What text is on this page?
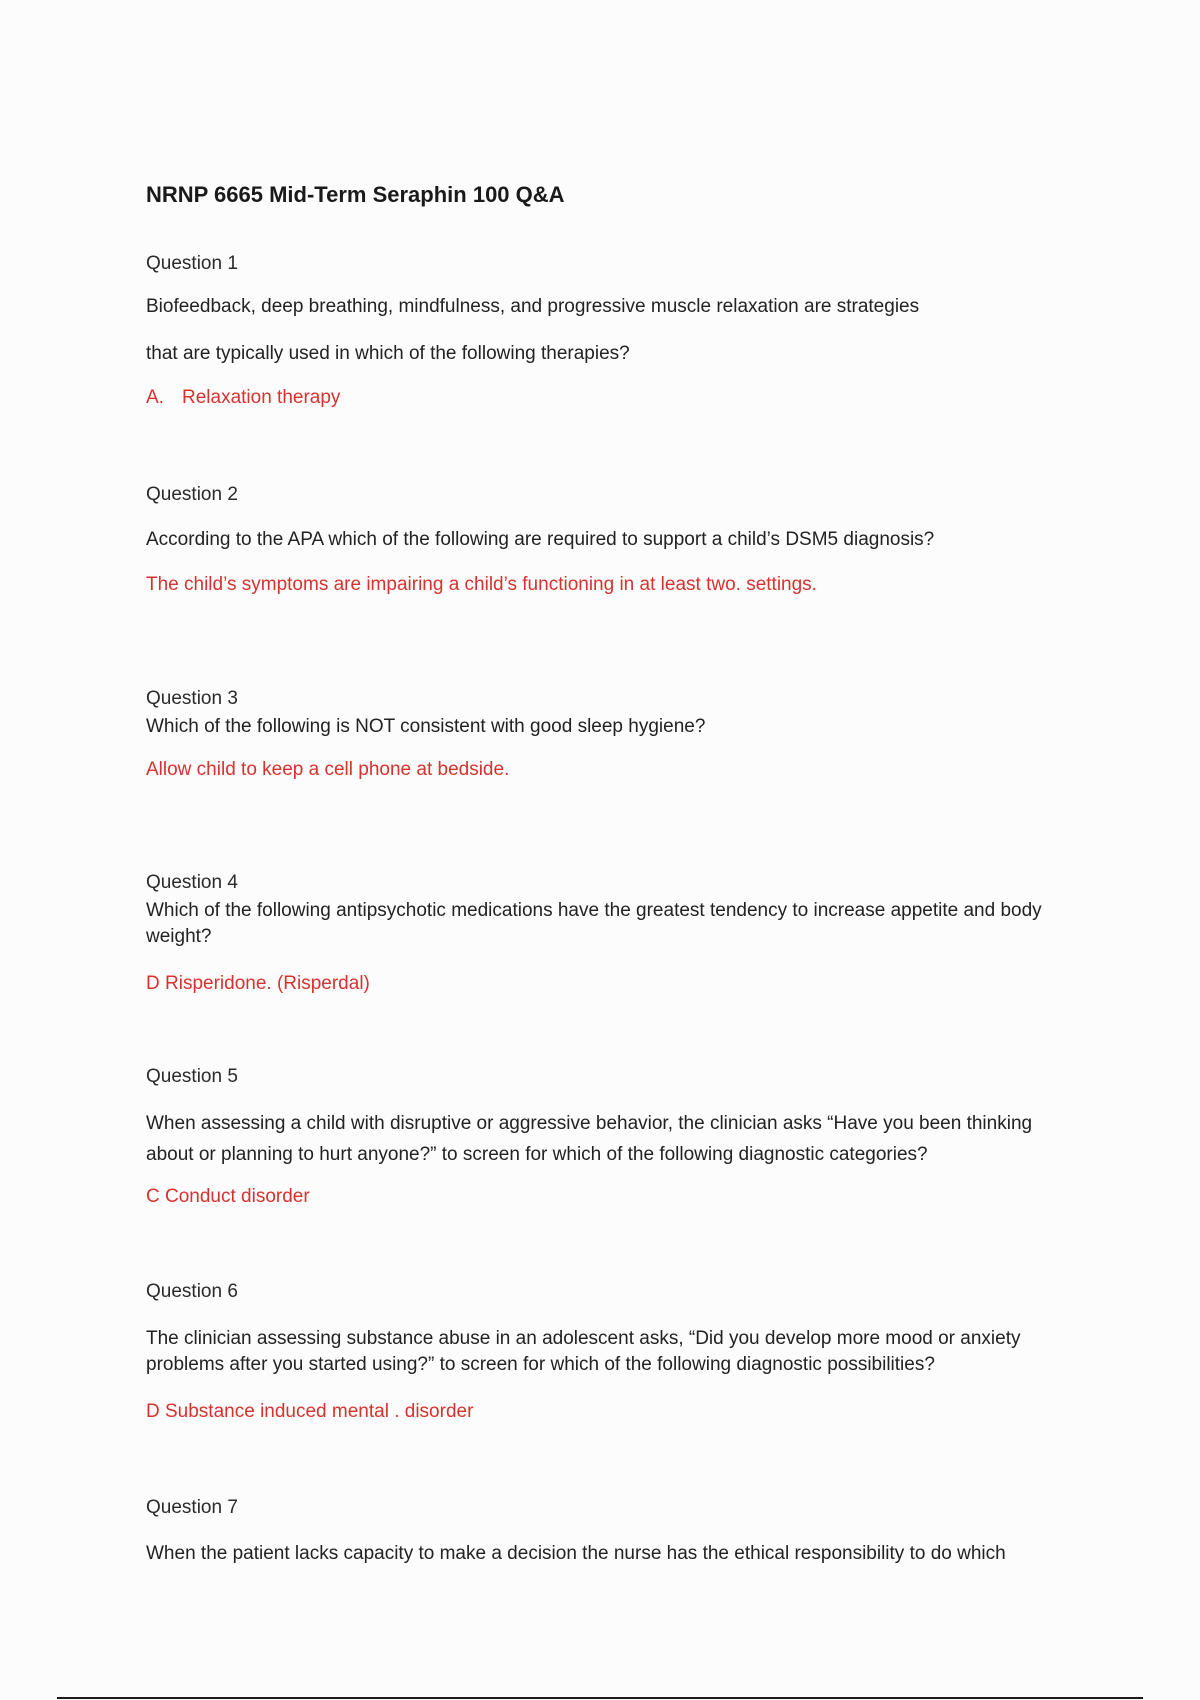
NRNP 6665 Mid-Term Seraphin 100 Q&A
Question 1
Biofeedback, deep breathing, mindfulness, and progressive muscle relaxation are strategies
that are typically used in which of the following therapies?
A. Relaxation therapy
Question 2
According to the APA which of the following are required to support a child’s DSM5 diagnosis?
The child’s symptoms are impairing a child’s functioning in at least two. settings.
Question 3
Which of the following is NOT consistent with good sleep hygiene?
Allow child to keep a cell phone at bedside.
Question 4
Which of the following antipsychotic medications have the greatest tendency to increase appetite and body weight?
D Risperidone. (Risperdal)
Question 5
When assessing a child with disruptive or aggressive behavior, the clinician asks “Have you been thinking
about or planning to hurt anyone?” to screen for which of the following diagnostic categories?
C Conduct disorder
Question 6
The clinician assessing substance abuse in an adolescent asks, “Did you develop more mood or anxiety problems after you started using?” to screen for which of the following diagnostic possibilities?
D Substance induced mental . disorder
Question 7
When the patient lacks capacity to make a decision the nurse has the ethical responsibility to do which
